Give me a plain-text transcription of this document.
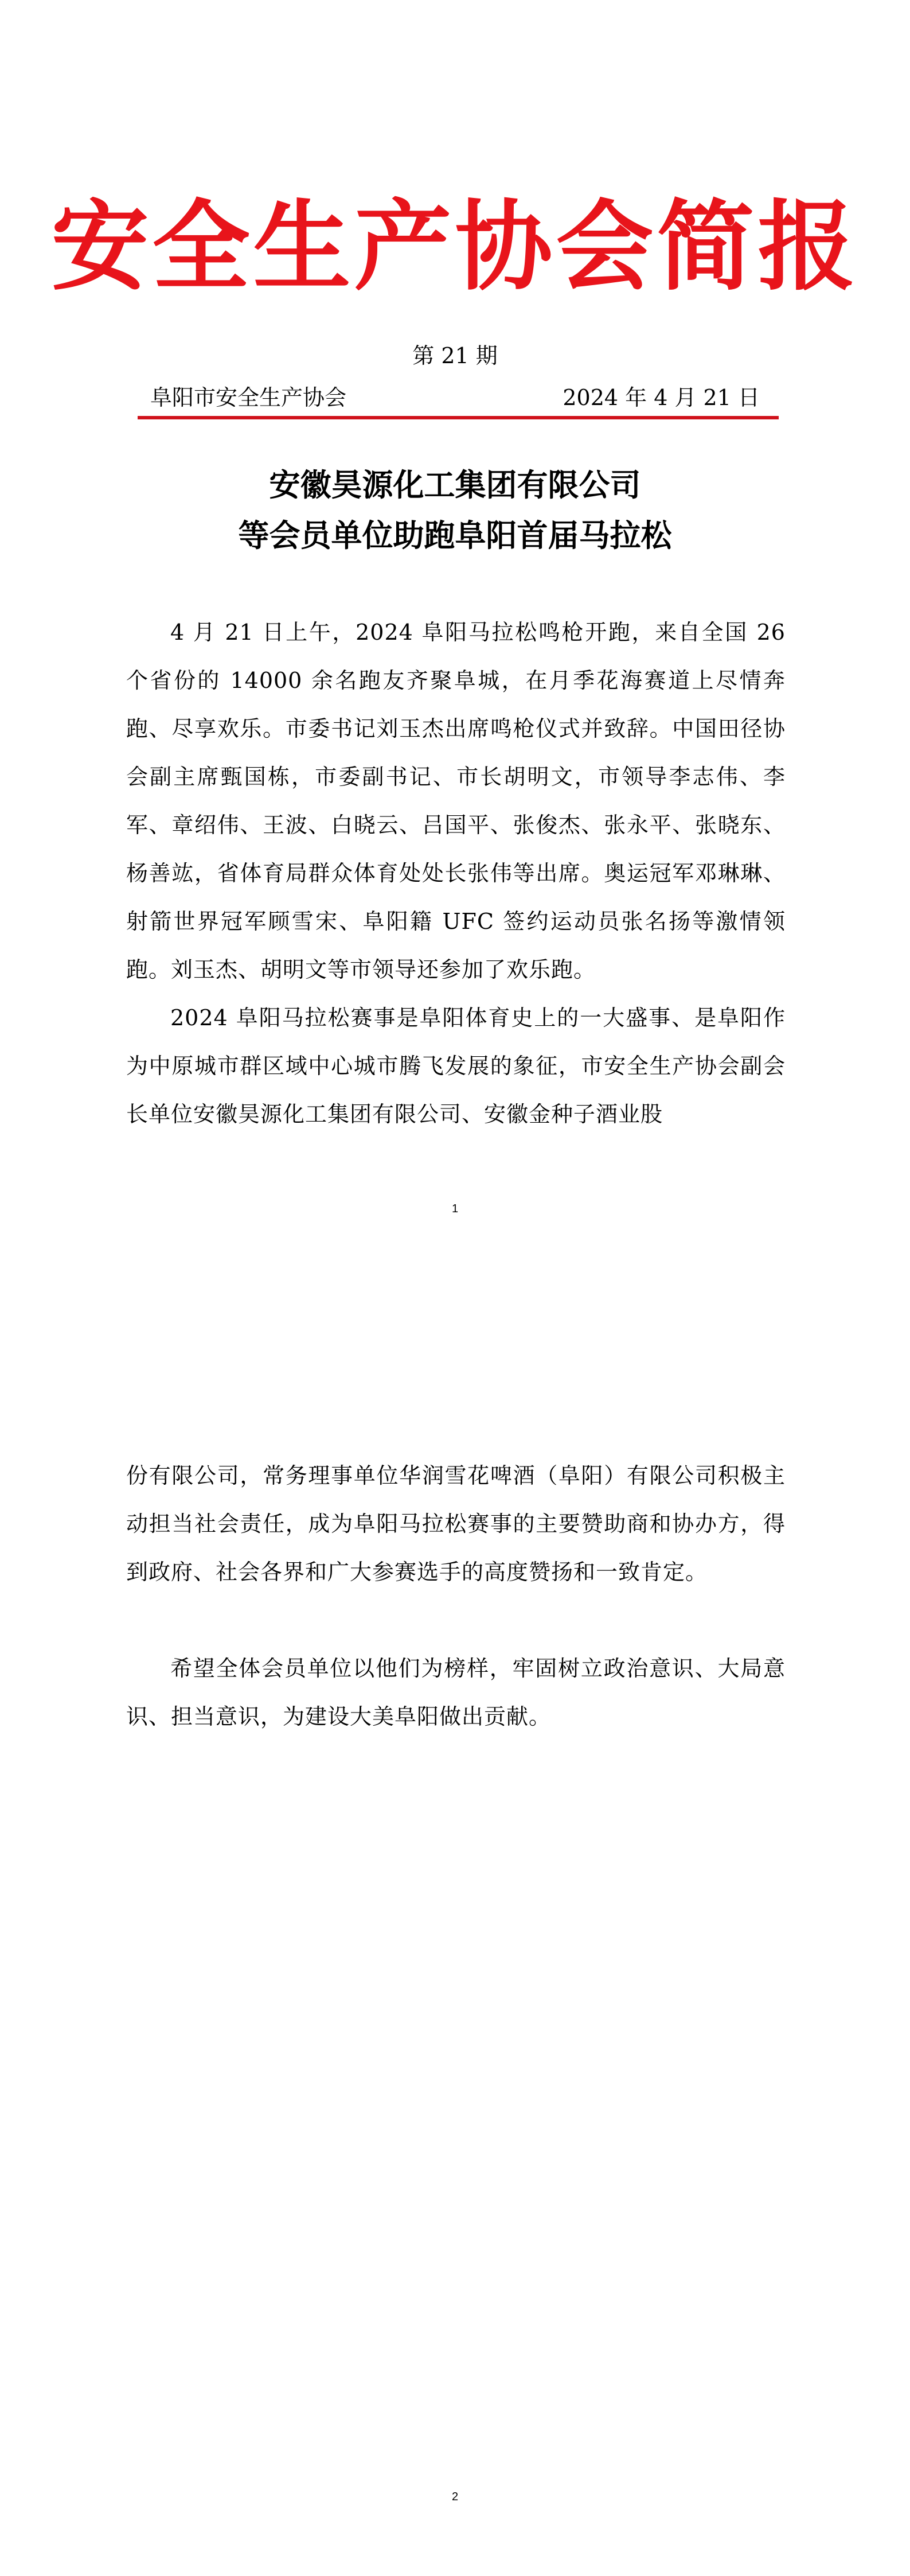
安全生产协会简报
第 21 期
阜阳市安全生产协会	2024 年 4 月 21 日
安徽昊源化工集团有限公司
等会员单位助跑阜阳首届马拉松
4 月 21 日上午，2024 阜阳马拉松鸣枪开跑，来自全国 26 个省份的 14000 余名跑友齐聚阜城，在月季花海赛道上尽情奔跑、尽享欢乐。市委书记刘玉杰出席鸣枪仪式并致辞。中国田径协会副主席甄国栋，市委副书记、市长胡明文，市领导李志伟、李军、章绍伟、王波、白晓云、吕国平、张俊杰、张永平、张晓东、杨善竑，省体育局群众体育处处长张伟等出席。奥运冠军邓琳琳、射箭世界冠军顾雪宋、阜阳籍 UFC 签约运动员张名扬等激情领跑。刘玉杰、胡明文等市领导还参加了欢乐跑。
2024 阜阳马拉松赛事是阜阳体育史上的一大盛事、是阜阳作为中原城市群区域中心城市腾飞发展的象征，市安全生产协会副会长单位安徽昊源化工集团有限公司、安徽金种子酒业股
1
份有限公司，常务理事单位华润雪花啤酒（阜阳）有限公司积极主动担当社会责任，成为阜阳马拉松赛事的主要赞助商和协办方，得到政府、社会各界和广大参赛选手的高度赞扬和一致肯定。
希望全体会员单位以他们为榜样，牢固树立政治意识、大局意识、担当意识，为建设大美阜阳做出贡献。
2
